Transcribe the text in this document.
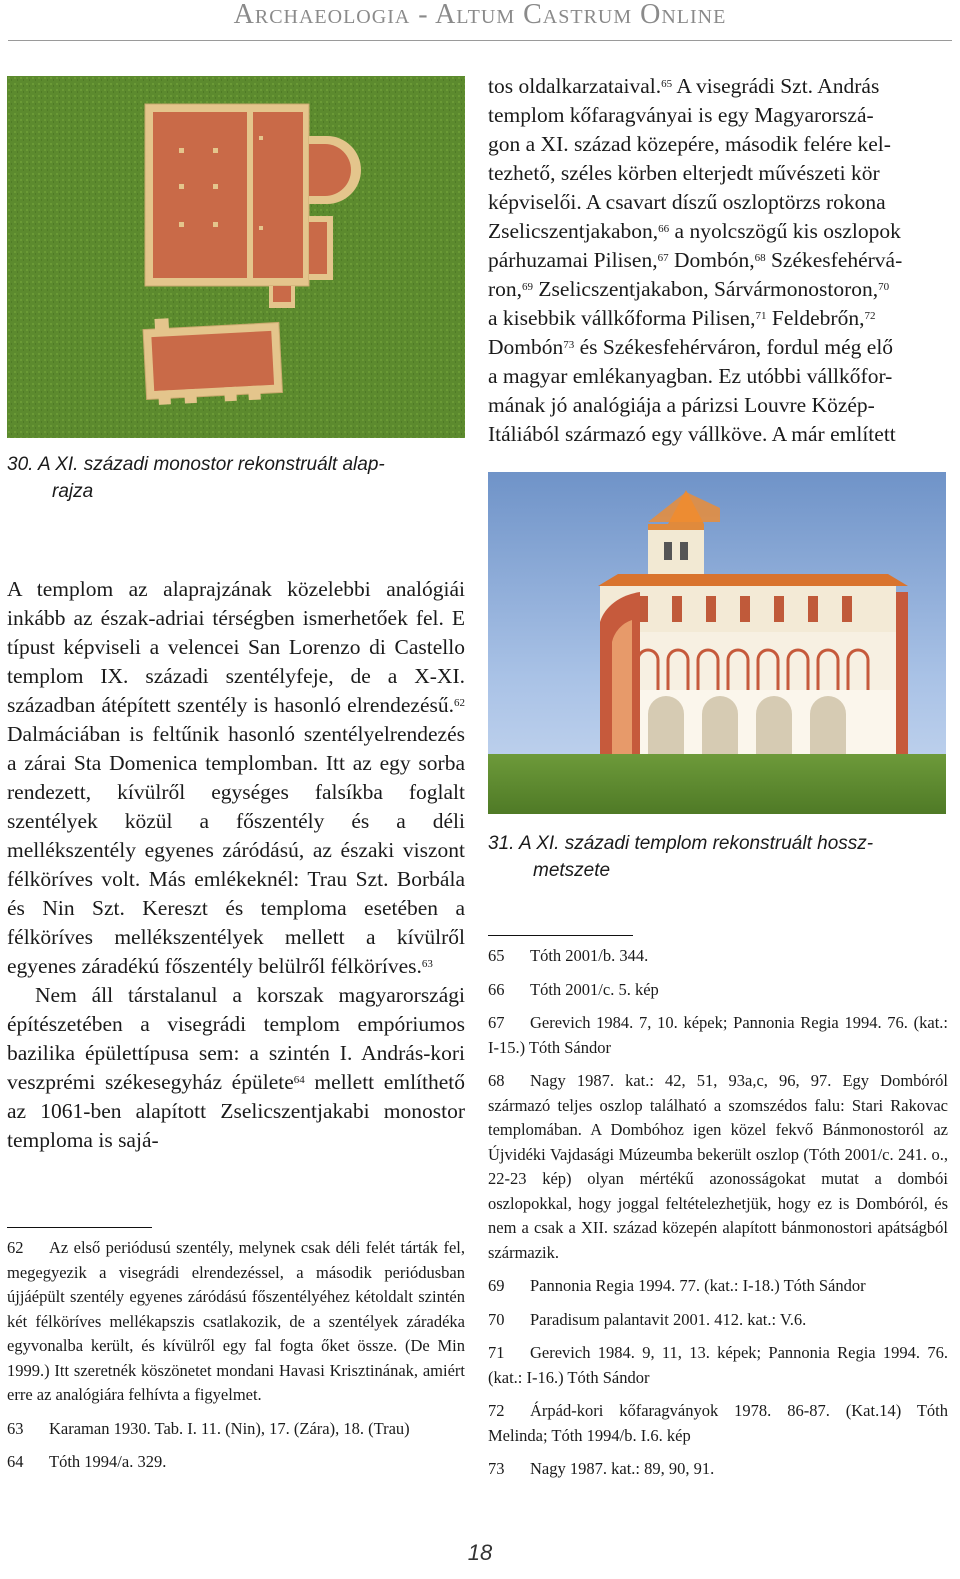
Archaeologia - Altum Castrum Online
30. A XI. századi monostor rekonstruált alap-
rajza

tos oldalkarzataival.$^{65}$ A visegrádi Szt. András

templom kőfaragványai is egy Magyarorszá-

gon a XI. század közepére, második felére kel-

tezhető, széles körben elterjedt művészeti kör

képviselői. A csavart díszű oszloptörzs rokona

Zselicszentjakabon,$^{66}$ a nyolcszögű kis oszlopok

párhuzamai Pilisen,$^{67}$ Dombón,$^{68}$ Székesfehérvá-

ron,$^{69}$ Zselicszentjakabon, Sárvármonostoron,$^{70}$

a kisebbik vállkőforma Pilisen,$^{71}$ Feldebrőn,$^{72}$

Dombón$^{73}$ és Székesfehérváron, fordul még elő

a magyar emlékanyagban. Ez utóbbi vállkőfor-

mának jó analógiája a párizsi Louvre Közép-

Itáliából származó egy vállköve. A már említett

31. A XI. századi templom rekonstruált hossz-
metszete

A templom az alaprajzának közelebbi analógiái inkább az észak-adriai térségben ismerhetőek fel. E típust képviseli a velencei San Lorenzo di Castello templom IX. századi szentélyfeje, de a X-XI. században átépített szentély is hasonló elrendezésű.$^{62}$ Dalmáciában is feltűnik hasonló szentélyelrendezés a zárai Sta Domenica templomban. Itt az egy sorba rendezett, kívülről egységes falsíkba foglalt szentélyek közül a főszentély és a déli mellékszentély egyenes záródású, az északi viszont félköríves volt. Más emlékeknél: Trau Szt. Borbála és Nin Szt. Kereszt és temploma esetében a félköríves mellékszentélyek mellett a kívülről egyenes záradékú főszentély belülről félköríves.$^{63}$

Nem áll társtalanul a korszak magyarországi építészetében a visegrádi templom empóriumos bazilika épülettípusa sem: a szintén I. András-kori veszprémi székesegyház épülete$^{64}$ mellett említhető az 1061-ben alapított Zselicszentjakabi monostor temploma is sajá-

62 Az első periódusú szentély, melynek csak déli felét tárták fel, megegyezik a visegrádi elrendezéssel, a második periódusban újjáépült szentély egyenes záródású főszentélyéhez kétoldalt szintén két félköríves mellékapszis csatlakozik, de a szentélyek záradéka egyvonalba került, és kívülről egy fal fogta őket össze. (De Min 1999.) Itt szeretnék köszönetet mondani Havasi Krisztinának, amiért erre az analógiára felhívta a figyelmet.

63 Karaman 1930. Tab. I. 11. (Nin), 17. (Zára), 18. (Trau)

64 Tóth 1994/a. 329.

65 Tóth 2001/b. 344.

66 Tóth 2001/c. 5. kép

67 Gerevich 1984. 7, 10. képek; Pannonia Regia 1994. 76. (kat.: I-15.) Tóth Sándor

68 Nagy 1987. kat.: 42, 51, 93a,c, 96, 97. Egy Dombóról származó teljes oszlop található a szomszédos falu: Stari Rakovac templomában. A Dombóhoz igen közel fekvő Bánmonostoról az Újvidéki Vajdasági Múzeumba bekerült oszlop (Tóth 2001/c. 241. o., 22-23 kép) olyan mértékű azonosságokat mutat a dombói oszlopokkal, hogy joggal feltételezhetjük, hogy ez is Dombóról, és nem a csak a XII. század közepén alapított bánmonostori apátságból származik.

69 Pannonia Regia 1994. 77. (kat.: I-18.) Tóth Sándor

70 Paradisum palantavit 2001. 412. kat.: V.6.

71 Gerevich 1984. 9, 11, 13. képek; Pannonia Regia 1994. 76. (kat.: I-16.) Tóth Sándor

72 Árpád-kori kőfaragványok 1978. 86-87. (Kat.14) Tóth Melinda; Tóth 1994/b. I.6. kép

73 Nagy 1987. kat.: 89, 90, 91.

18
